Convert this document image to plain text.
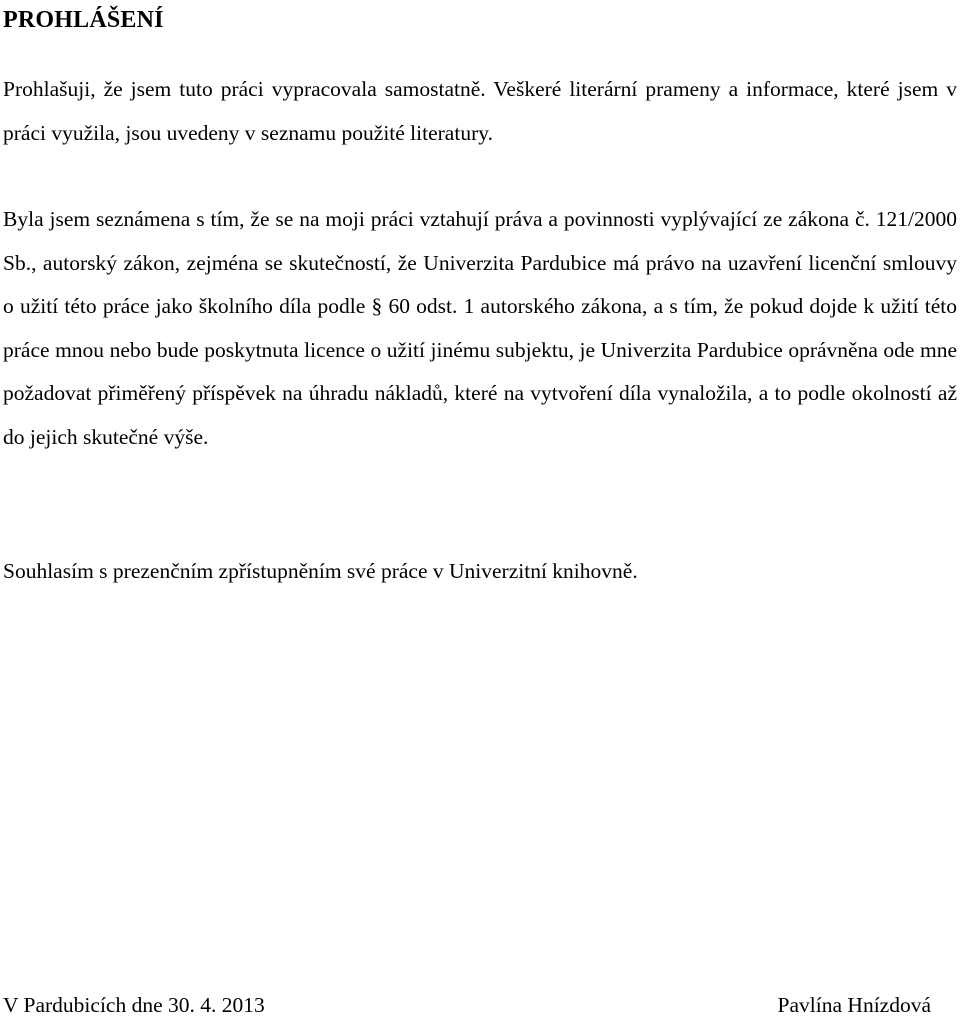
PROHLÁŠENÍ

Prohlašuji, že jsem tuto práci vypracovala samostatně. Veškeré literární prameny a informace, které jsem v práci využila, jsou uvedeny v seznamu použité literatury.

Byla jsem seznámena s tím, že se na moji práci vztahují práva a povinnosti vyplývající ze zákona č. 121/2000 Sb., autorský zákon, zejména se skutečností, že Univerzita Pardubice má právo na uzavření licenční smlouvy o užití této práce jako školního díla podle § 60 odst. 1 autorského zákona, a s tím, že pokud dojde k užití této práce mnou nebo bude poskytnuta licence o užití jinému subjektu, je Univerzita Pardubice oprávněna ode mne požadovat přiměřený příspěvek na úhradu nákladů, které na vytvoření díla vynaložila, a to podle okolností až do jejich skutečné výše.

Souhlasím s prezenčním zpřístupněním své práce v Univerzitní knihovně.

V Pardubicích dne 30. 4. 2013	Pavlína Hnízdová
